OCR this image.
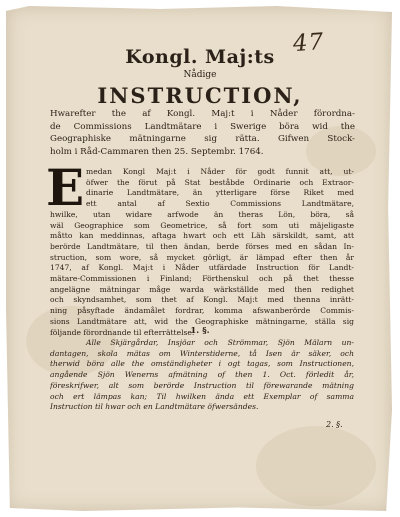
47
Kongl. Maj:ts
Nådige
INSTRUCTION,
Hwarefter the af Kongl. Maj:t i Nåder förordna-
de Commissions Landtmätare i Swerige böra wid the
Geographiske mätningarne sig rätta. Gifwen Stock-
holm i Råd-Cammaren then 25. Septembr. 1764.
E medan Kongl Maj:t i Nåder för godt funnit att, ut-
öfwer the förut på Stat beståbde Ordinarie och Extraor-
dinarie Landtmätare, än ytterligare förse Riket med
ett antal af Sextio Commissions Landtmätare,
hwilke, utan widare arfwode än theras Lön, böra, så
wäl Geographice som Geometrice, så fort som uti mäjeligaste
måtto kan meddinnas, aftaga hwart och ett Läh särskildt, samt, att
berörde Landtmätare, til then ändan, berde förses med en sådan In-
struction, som wore, så mycket görligt, är lämpad efter then år
1747, af Kongl. Maj:t i Nåder utfärdade Instruction för Landt-
mätare-Commissionen i Finland; Förthenskul och på thet thesse
angelägne mätningar måge warda wärkställde med then redighet
och skyndsamhet, som thet af Kongl. Maj:t med thenna inrätt-
ning påsyftade ändamålet fordrar, komma afswanberörde Commis-
sions Landtmätare att, wid the Geographiske mätningarne, ställa sig
följande förordnande til efterrättelse:
1. §.
Alle Skjärgårdar, Insjöar och Strömmar, Sjön Mälarn un-
dantagen, skola mätas om Winterstiderne, tå Isen är säker, och
therwid böra alle the omständigheter i ogt tagas, som Instructionen,
angående Sjön Wenerns afmätning of then 1. Oct. förledit år,
föreskrifwer, alt som berörde Instruction til förewarande mätning
och ert lämpas kan; Til hwilken ända ett Exemplar of samma
Instruction til hwar och en Landtmätare öfwersändes.
2. §.
